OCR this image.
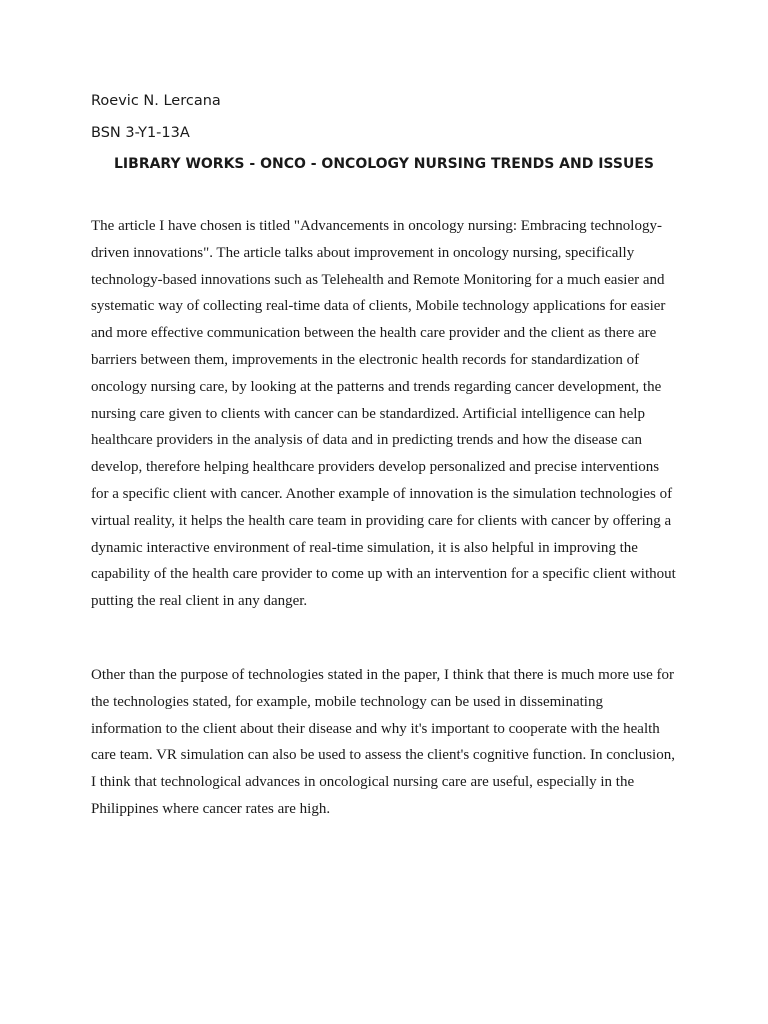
Roevic N. Lercana
BSN 3-Y1-13A
LIBRARY WORKS - ONCO - ONCOLOGY NURSING TRENDS AND ISSUES

The article I have chosen is titled "Advancements in oncology nursing: Embracing technology-
driven innovations". The article talks about improvement in oncology nursing, specifically
technology-based innovations such as Telehealth and Remote Monitoring for a much easier and
systematic way of collecting real-time data of clients, Mobile technology applications for easier
and more effective communication between the health care provider and the client as there are
barriers between them, improvements in the electronic health records for standardization of
oncology nursing care, by looking at the patterns and trends regarding cancer development, the
nursing care given to clients with cancer can be standardized. Artificial intelligence can help
healthcare providers in the analysis of data and in predicting trends and how the disease can
develop, therefore helping healthcare providers develop personalized and precise interventions
for a specific client with cancer. Another example of innovation is the simulation technologies of
virtual reality, it helps the health care team in providing care for clients with cancer by offering a
dynamic interactive environment of real-time simulation, it is also helpful in improving the
capability of the health care provider to come up with an intervention for a specific client without
putting the real client in any danger.

Other than the purpose of technologies stated in the paper, I think that there is much more use for
the technologies stated, for example, mobile technology can be used in disseminating
information to the client about their disease and why it's important to cooperate with the health
care team. VR simulation can also be used to assess the client's cognitive function. In conclusion,
I think that technological advances in oncological nursing care are useful, especially in the
Philippines where cancer rates are high.
